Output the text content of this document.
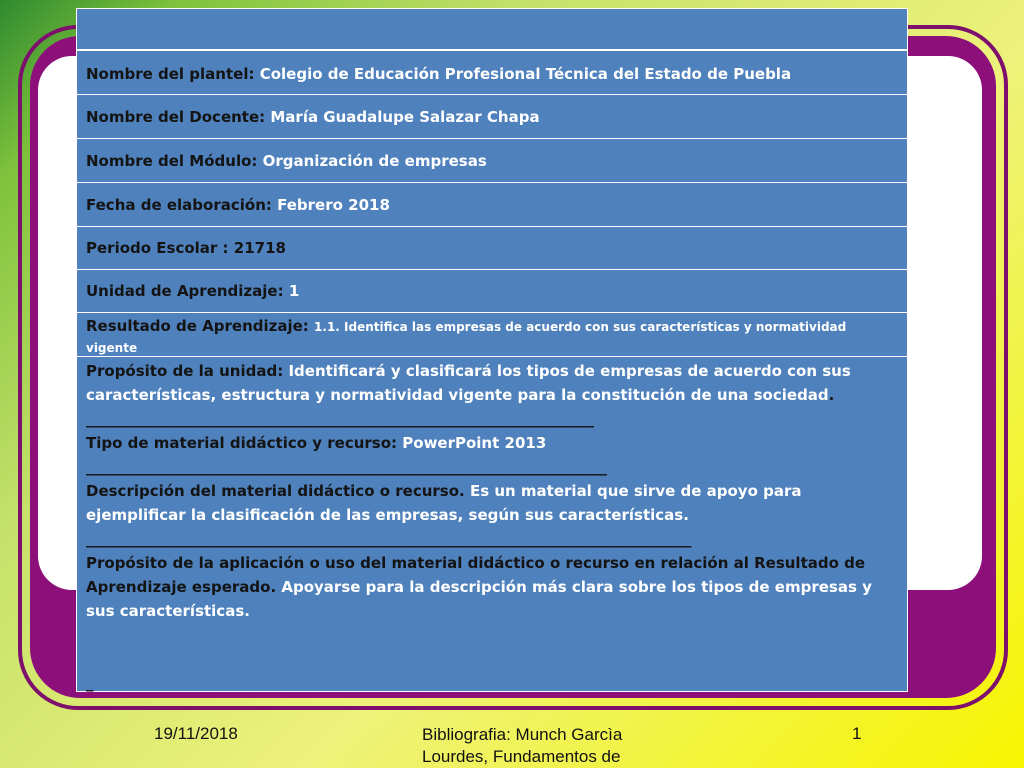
Nombre del plantel: Colegio de Educación Profesional Técnica del Estado de Puebla
Nombre del Docente: María Guadalupe Salazar Chapa
Nombre del Módulo: Organización de empresas
Fecha de elaboración: Febrero 2018
Periodo Escolar : 21718
Unidad de Aprendizaje: 1
Resultado de Aprendizaje: 1.1. Identifica las empresas de acuerdo con sus características y normatividad vigente

Propósito de la unidad: Identificará y clasificará los tipos de empresas de acuerdo con sus características, estructura y normatividad vigente para la constitución de una sociedad.

______________________________________________________________________________

Tipo de material didáctico y recurso: PowerPoint 2013

________________________________________________________________________________

Descripción del material didáctico o recurso. Es un material que sirve de apoyo para ejemplificar la clasificación de las empresas, según sus características.

_____________________________________________________________________________________________

Propósito de la aplicación o uso del material didáctico o recurso en relación al Resultado de Aprendizaje esperado. Apoyarse para la descripción más clara sobre los tipos de empresas y sus características.

_

19/11/2018	Bibliografia: Munch Garcìa Lourdes, Fundamentos de
1
